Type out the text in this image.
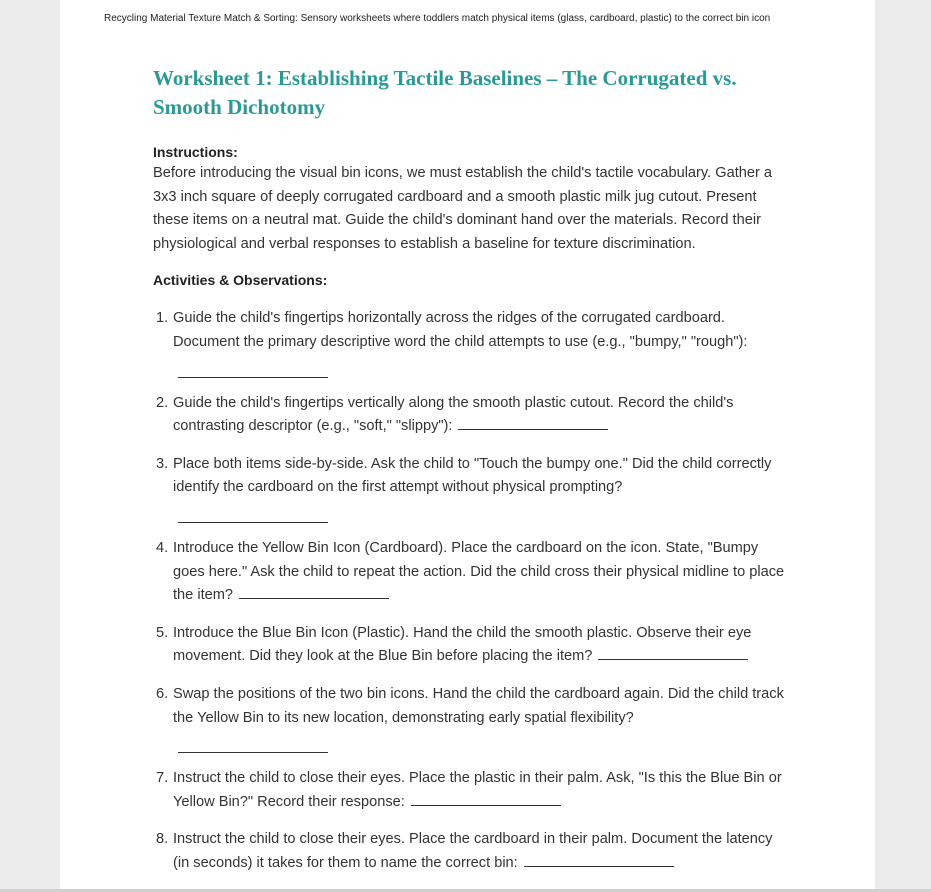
Recycling Material Texture Match & Sorting: Sensory worksheets where toddlers match physical items (glass, cardboard, plastic) to the correct bin icon
Worksheet 1: Establishing Tactile Baselines – The Corrugated vs. Smooth Dichotomy
Instructions:

Before introducing the visual bin icons, we must establish the child's tactile vocabulary. Gather a 3x3 inch square of deeply corrugated cardboard and a smooth plastic milk jug cutout. Present these items on a neutral mat. Guide the child's dominant hand over the materials. Record their physiological and verbal responses to establish a baseline for texture discrimination.

Activities & Observations:
1. Guide the child's fingertips horizontally across the ridges of the corrugated cardboard. Document the primary descriptive word the child attempts to use (e.g., "bumpy," "rough"):
2. Guide the child's fingertips vertically along the smooth plastic cutout. Record the child's contrasting descriptor (e.g., "soft," "slippy"):
3. Place both items side-by-side. Ask the child to "Touch the bumpy one." Did the child correctly identify the cardboard on the first attempt without physical prompting?
4. Introduce the Yellow Bin Icon (Cardboard). Place the cardboard on the icon. State, "Bumpy goes here." Ask the child to repeat the action. Did the child cross their physical midline to place the item?
5. Introduce the Blue Bin Icon (Plastic). Hand the child the smooth plastic. Observe their eye movement. Did they look at the Blue Bin before placing the item?
6. Swap the positions of the two bin icons. Hand the child the cardboard again. Did the child track the Yellow Bin to its new location, demonstrating early spatial flexibility?
7. Instruct the child to close their eyes. Place the plastic in their palm. Ask, "Is this the Blue Bin or Yellow Bin?" Record their response:
8. Instruct the child to close their eyes. Place the cardboard in their palm. Document the latency (in seconds) it takes for them to name the correct bin:
